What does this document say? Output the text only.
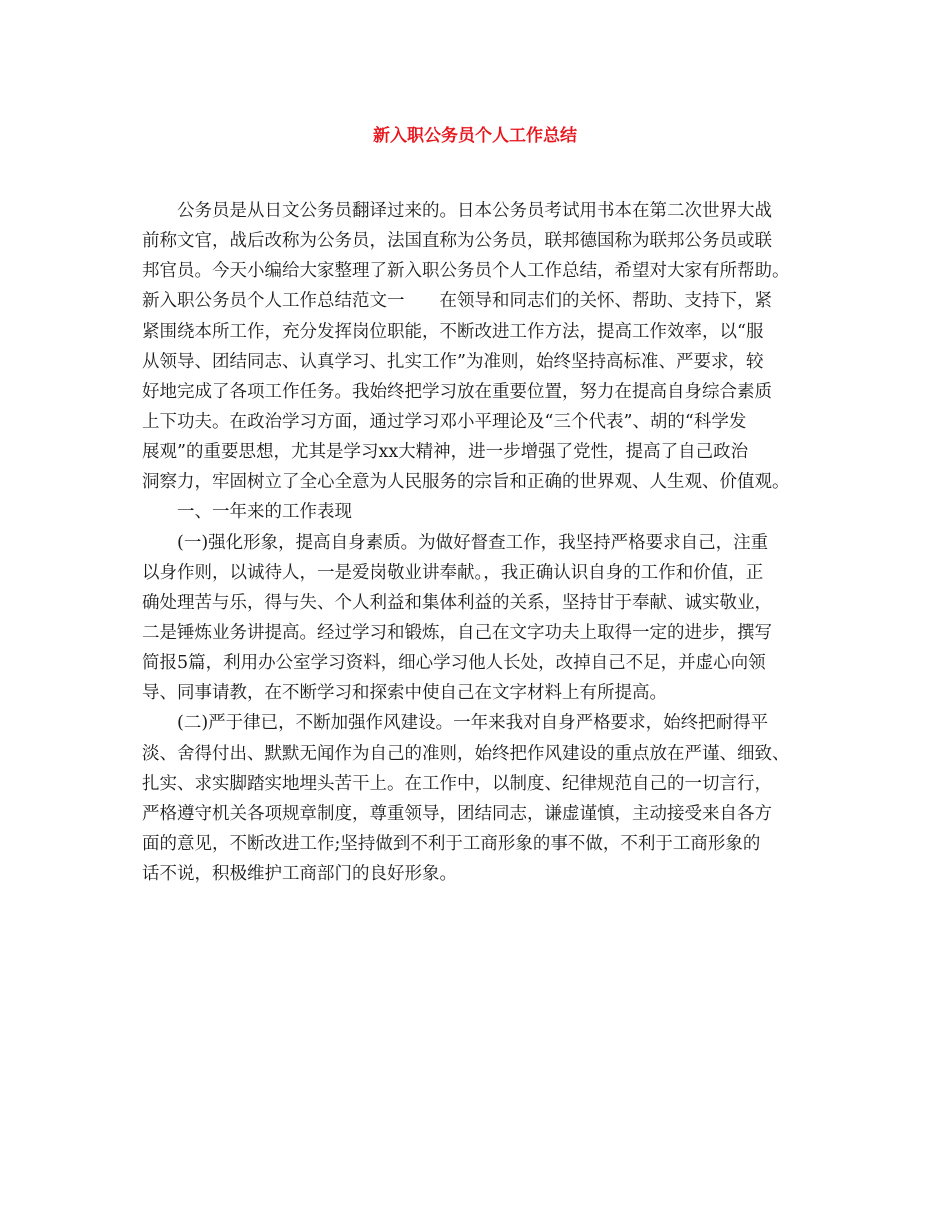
新入职公务员个人工作总结
公务员是从日文公务员翻译过来的。日本公务员考试用书本在第二次世界大战
前称文官，战后改称为公务员，法国直称为公务员，联邦德国称为联邦公务员或联
邦官员。今天小编给大家整理了新入职公务员个人工作总结，希望对大家有所帮助。
新入职公务员个人工作总结范文一　　在领导和同志们的关怀、帮助、支持下，紧
紧围绕本所工作，充分发挥岗位职能，不断改进工作方法，提高工作效率，以“服
从领导、团结同志、认真学习、扎实工作”为准则，始终坚持高标准、严要求，较
好地完成了各项工作任务。我始终把学习放在重要位置，努力在提高自身综合素质
上下功夫。在政治学习方面，通过学习邓小平理论及“三个代表”、胡的“科学发
展观”的重要思想，尤其是学习xx大精神，进一步增强了党性，提高了自己政治
洞察力，牢固树立了全心全意为人民服务的宗旨和正确的世界观、人生观、价值观。
一、一年来的工作表现
(一)强化形象，提高自身素质。为做好督查工作，我坚持严格要求自己，注重
以身作则，以诚待人，一是爱岗敬业讲奉献。，我正确认识自身的工作和价值，正
确处理苦与乐，得与失、个人利益和集体利益的关系，坚持甘于奉献、诚实敬业，
二是锤炼业务讲提高。经过学习和锻炼，自己在文字功夫上取得一定的进步，撰写
简报5篇，利用办公室学习资料，细心学习他人长处，改掉自己不足，并虚心向领
导、同事请教，在不断学习和探索中使自己在文字材料上有所提高。
(二)严于律已，不断加强作风建设。一年来我对自身严格要求，始终把耐得平
淡、舍得付出、默默无闻作为自己的准则，始终把作风建设的重点放在严谨、细致、
扎实、求实脚踏实地埋头苦干上。在工作中，以制度、纪律规范自己的一切言行，
严格遵守机关各项规章制度，尊重领导，团结同志，谦虚谨慎，主动接受来自各方
面的意见，不断改进工作;坚持做到不利于工商形象的事不做，不利于工商形象的
话不说，积极维护工商部门的良好形象。
